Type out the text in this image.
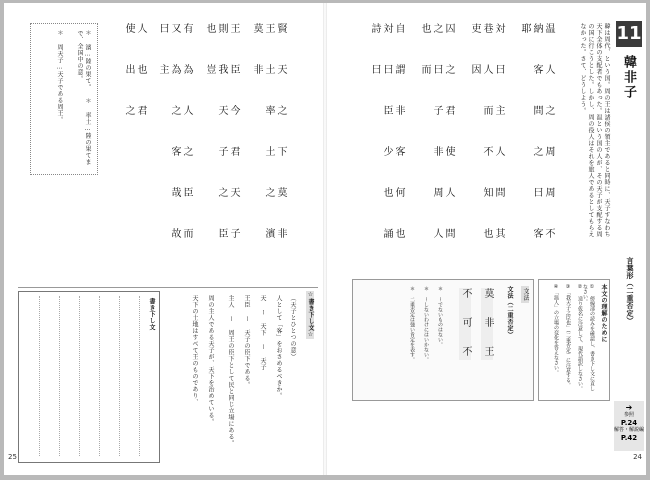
賢 天 之 下 莫 非 王 土 率 土 之 濱 莫 非
王 臣 今 君 天 子 則 我 天 子 之 臣 也 豈
有 為 人 之 臣 而 又 為 之 客 哉 故 曰 主
人 也 君 使 出 之
＊ 濱…陸の果て。 ＊ 率土…陸の果てまで、全国中の意。
＊ 周天子…天子である周王。
書き下し文	☆書き下し文☆
（天子とひとつの意）
人として「客」をおさめるべきか。
天 ー 天下 ー 天子
王臣 ー 天子の臣下である。
主人 ー 周王の臣下として民と同じ立場にある。
周の主人である天子が、天下を治めている。
天下の土地はすべて王のものであり、
25
11
韓非子
韓は周代、という国。周の王は諸侯の領主であると同時に、天子すなわち天下全体の支配者でもあった。温という国の人が、その天子が支配する周の国に行こうとした。しかし、周の役人はそれを旅人であるとしてもらえなかった。さて、どうしよう。
温 人 之 周 周 不 納 客 問 之 曰 客 耶
対 曰 主 人 問 其 巷 人 而 不 知 也 吏 因
囚 之 君 使 人 問 之 曰 子 非 周 人 也 而
自 謂 非 客 何 也 対 曰 臣 少 也 誦 詩 曰
言葉形（二重否定）
本文の理解のために
① 傍線部の読みを確認し、書き下し文に直しなさい。
② 送り仮名に注意して、現代語訳しなさい。
③「我天子之臣也」（二重否定）に注意する。
④「温人」の立場の変化を答えなさい。
文法
文法（二重否定）
莫 非 王
不 可 不
＊ 〜でないものはない。
＊ 〜しないわけにはいかない。
＊ 二重否定は強い肯定を表す。
➔
参照
P.24
解答・解説編
P.42
24
